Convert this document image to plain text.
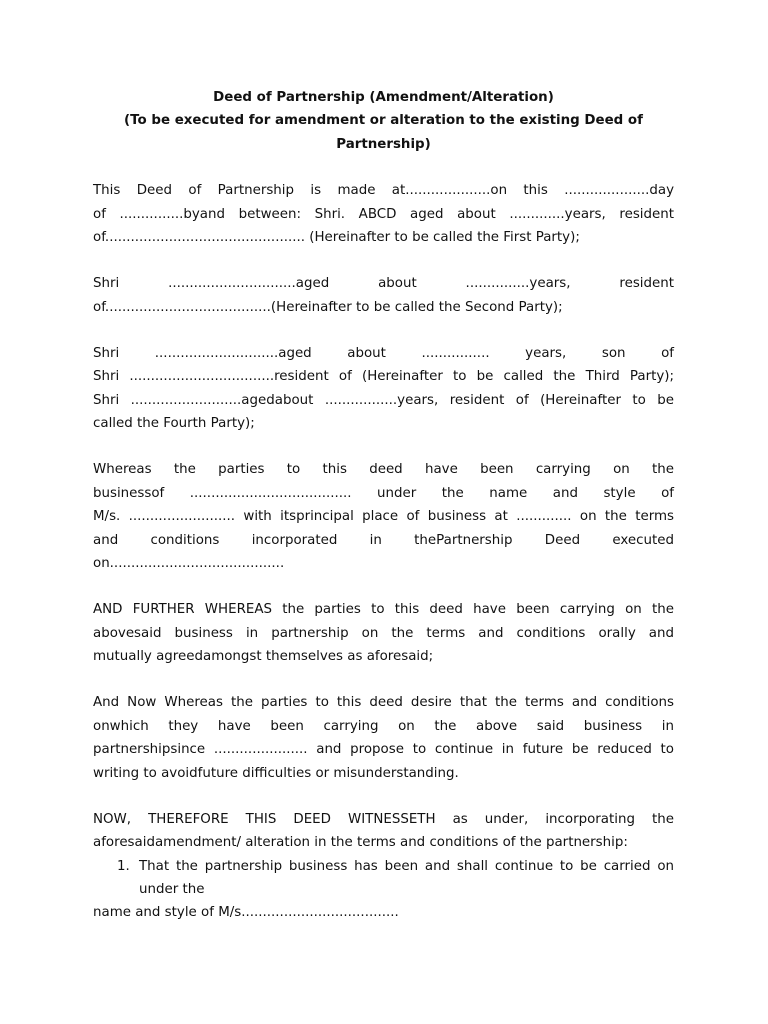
Deed of Partnership (Amendment/Alteration)

(To be executed for amendment or alteration to the existing Deed of Partnership)

This Deed of Partnership is made at....................on this ....................day
of ...............byand between: Shri. ABCD aged about .............years, resident
of............................................... (Hereinafter to be called the First Party);

Shri ..............................aged about ...............years, resident
of.......................................(Hereinafter to be called the Second Party);

Shri .............................aged about ................ years, son of
Shri ..................................resident of (Hereinafter to be called the Third Party);
Shri ..........................agedabout .................years, resident of (Hereinafter to be
called the Fourth Party);

Whereas the parties to this deed have been carrying on the
businessof ...................................... under the name and style of
M/s. ......................... with itsprincipal place of business at ............. on the terms
and conditions incorporated in thePartnership Deed executed
on.........................................

AND FURTHER WHEREAS the parties to this deed have been carrying on the
abovesaid business in partnership on the terms and conditions orally and
mutually agreedamongst themselves as aforesaid;

And Now Whereas the parties to this deed desire that the terms and conditions
onwhich they have been carrying on the above said business in
partnershipsince ...................... and propose to continue in future be reduced to
writing to avoidfuture difficulties or misunderstanding.

NOW, THEREFORE THIS DEED WITNESSETH as under, incorporating the
aforesaidamendment/ alteration in the terms and conditions of the partnership:

1. That the partnership business has been and shall continue to be carried on
under the

name and style of M/s.....................................
